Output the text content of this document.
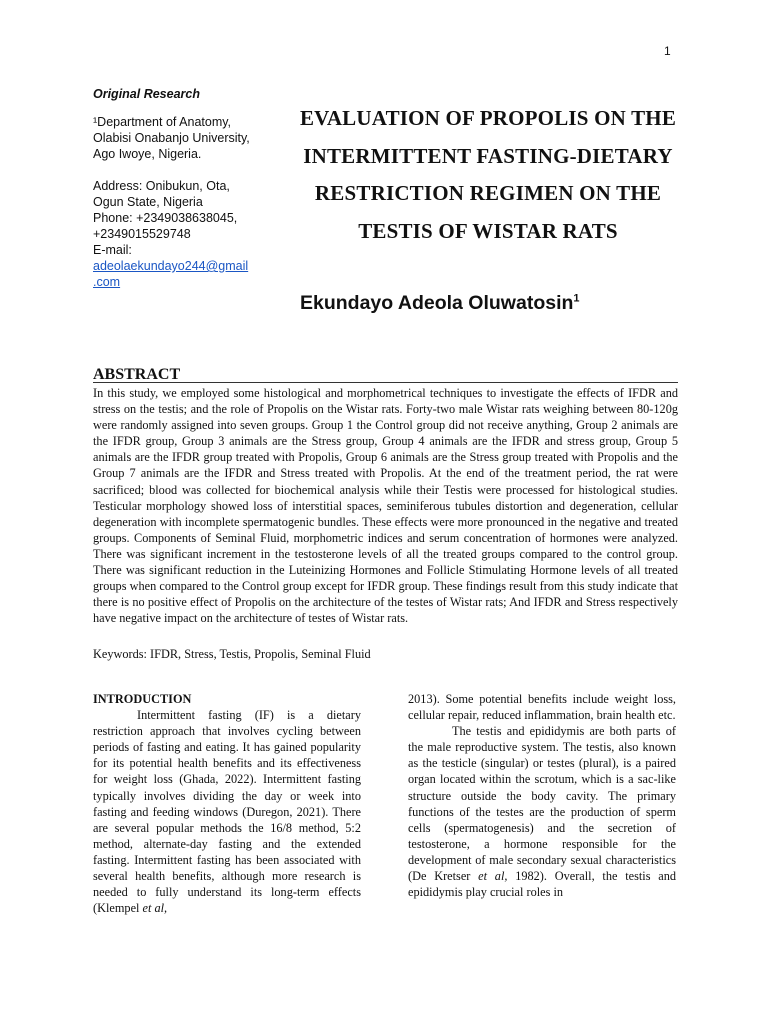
1
Original Research
¹Department of Anatomy,
Olabisi Onabanjo University,
Ago Iwoye, Nigeria.
Address: Onibukun, Ota,
Ogun State, Nigeria
Phone: +2349038638045,
+2349015529748
E-mail:
adeolaekundayo244@gmail
.com
EVALUATION OF PROPOLIS ON THE INTERMITTENT FASTING-DIETARY RESTRICTION REGIMEN ON THE TESTIS OF WISTAR RATS
Ekundayo Adeola Oluwatosin$^1$
ABSTRACT
In this study, we employed some histological and morphometrical techniques to investigate the effects of IFDR and stress on the testis; and the role of Propolis on the Wistar rats. Forty-two male Wistar rats weighing between 80-120g were randomly assigned into seven groups. Group 1 the Control group did not receive anything, Group 2 animals are the IFDR group, Group 3 animals are the Stress group, Group 4 animals are the IFDR and stress group, Group 5 animals are the IFDR group treated with Propolis, Group 6 animals are the Stress group treated with Propolis and the Group 7 animals are the IFDR and Stress treated with Propolis. At the end of the treatment period, the rat were sacrificed; blood was collected for biochemical analysis while their Testis were processed for histological studies. Testicular morphology showed loss of interstitial spaces, seminiferous tubules distortion and degeneration, cellular degeneration with incomplete spermatogenic bundles. These effects were more pronounced in the negative and treated groups. Components of Seminal Fluid, morphometric indices and serum concentration of hormones were analyzed. There was significant increment in the testosterone levels of all the treated groups compared to the control group. There was significant reduction in the Luteinizing Hormones and Follicle Stimulating Hormone levels of all treated groups when compared to the Control group except for IFDR group. These findings result from this study indicate that there is no positive effect of Propolis on the architecture of the testes of Wistar rats; And IFDR and Stress respectively have negative impact on the architecture of testes of Wistar rats.
Keywords: IFDR, Stress, Testis, Propolis, Seminal Fluid
INTRODUCTION

Intermittent fasting (IF) is a dietary restriction approach that involves cycling between periods of fasting and eating. It has gained popularity for its potential health benefits and its effectiveness for weight loss (Ghada, 2022). Intermittent fasting typically involves dividing the day or week into fasting and feeding windows (Duregon, 2021). There are several popular methods the 16/8 method, 5:2 method, alternate-day fasting and the extended fasting. Intermittent fasting has been associated with several health benefits, although more research is needed to fully understand its long-term effects (Klempel et al,

2013). Some potential benefits include weight loss, cellular repair, reduced inflammation, brain health etc.

The testis and epididymis are both parts of the male reproductive system. The testis, also known as the testicle (singular) or testes (plural), is a paired organ located within the scrotum, which is a sac-like structure outside the body cavity. The primary functions of the testes are the production of sperm cells (spermatogenesis) and the secretion of testosterone, a hormone responsible for the development of male secondary sexual characteristics (De Kretser et al, 1982). Overall, the testis and epididymis play crucial roles in
